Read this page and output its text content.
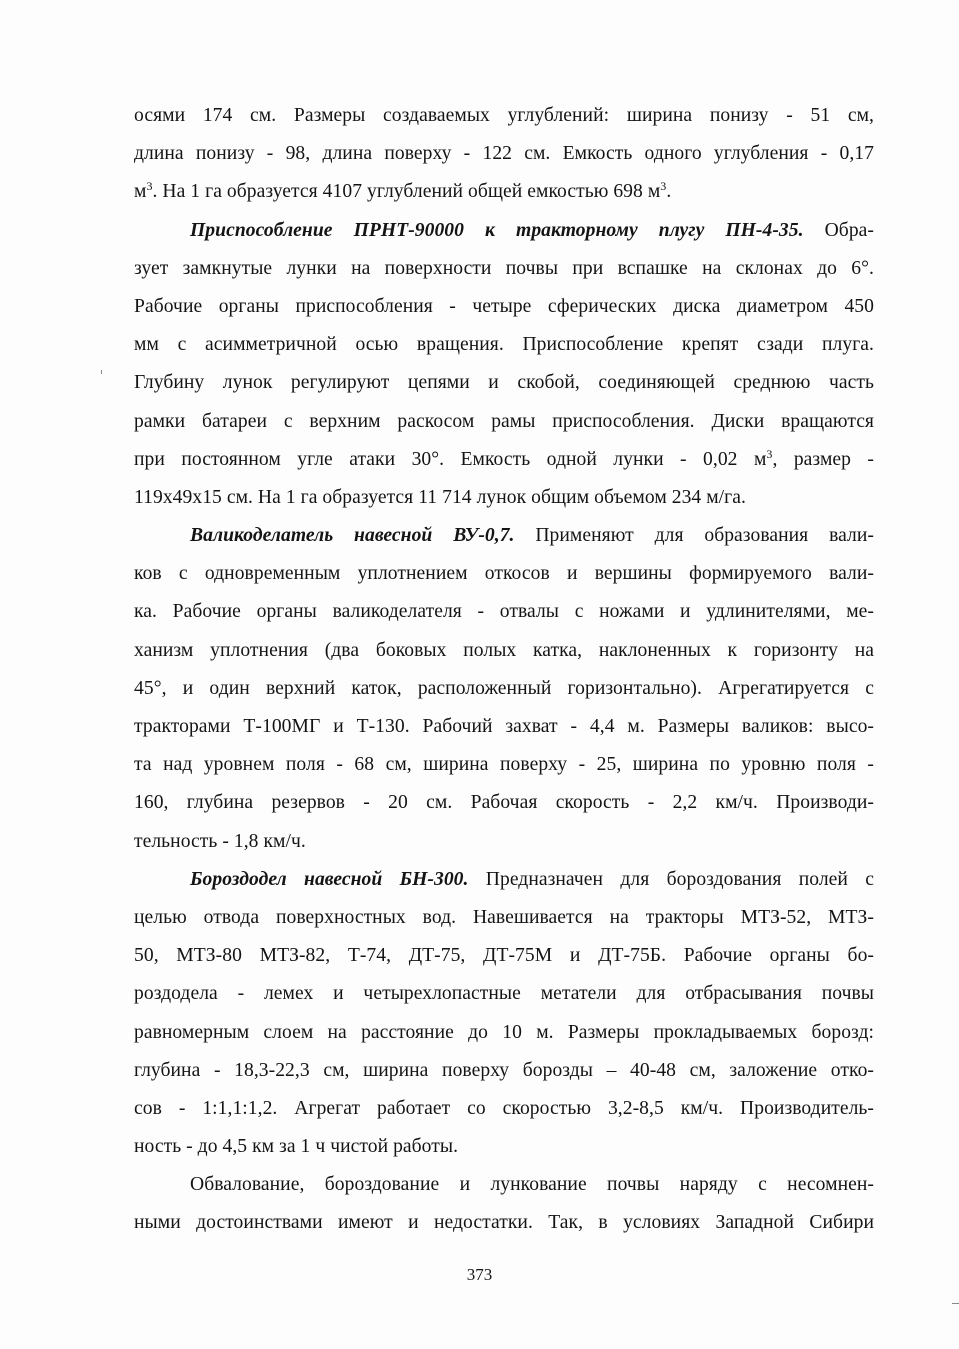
осями 174 см. Размеры создаваемых углублений: ширина понизу - 51 см,
длина понизу - 98, длина поверху - 122 см. Емкость одного углубления - 0,17
$м^3$. На 1 га образуется 4107 углублений общей емкостью 698 $м^3$.
Приспособление ПРНТ-90000 к тракторному плугу ПН-4-35. Обра-
зует замкнутые лунки на поверхности почвы при вспашке на склонах до 6°.
Рабочие органы приспособления - четыре сферических диска диаметром 450
мм с асимметричной осью вращения. Приспособление крепят сзади плуга.
Глубину лунок регулируют цепями и скобой, соединяющей среднюю часть
рамки батареи с верхним раскосом рамы приспособления. Диски вращаются
при постоянном угле атаки 30°. Емкость одной лунки - 0,02 $м^3$, размер -
119х49х15 см. На 1 га образуется 11 714 лунок общим объемом 234 м/га.
Валикоделатель навесной ВУ-0,7. Применяют для образования вали-
ков с одновременным уплотнением откосов и вершины формируемого вали-
ка. Рабочие органы валикоделателя - отвалы с ножами и удлинителями, ме-
ханизм уплотнения (два боковых полых катка, наклоненных к горизонту на
45°, и один верхний каток, расположенный горизонтально). Агрегатируется с
тракторами Т-100МГ и Т-130. Рабочий захват - 4,4 м. Размеры валиков: высо-
та над уровнем поля - 68 см, ширина поверху - 25, ширина по уровню поля -
160, глубина резервов - 20 см. Рабочая скорость - 2,2 км/ч. Производи-
тельность - 1,8 км/ч.
Бороздодел навесной БН-300. Предназначен для бороздования полей с
целью отвода поверхностных вод. Навешивается на тракторы МТЗ-52, МТЗ-
50, МТЗ-80 МТЗ-82, Т-74, ДТ-75, ДТ-75М и ДТ-75Б. Рабочие органы бо-
роздодела - лемех и четырехлопастные метатели для отбрасывания почвы
равномерным слоем на расстояние до 10 м. Размеры прокладываемых борозд:
глубина - 18,3-22,3 см, ширина поверху борозды – 40-48 см, заложение отко-
сов - 1:1,1:1,2. Агрегат работает со скоростью 3,2-8,5 км/ч. Производитель-
ность - до 4,5 км за 1 ч чистой работы.
Обвалование, бороздование и лункование почвы наряду с несомнен-
ными достоинствами имеют и недостатки. Так, в условиях Западной Сибири
373
